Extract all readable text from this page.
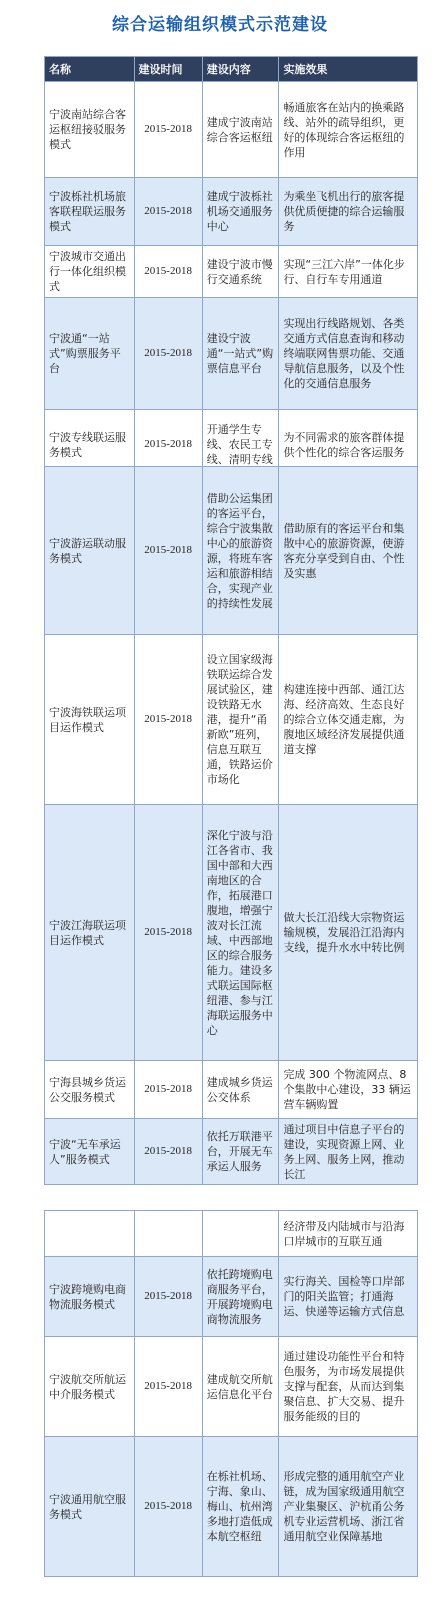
综合运输组织模式示范建设
名称	建设时间	建设内容	实施效果
宁波南站综合客运枢纽接驳服务模式	2015-2018	建成宁波南站综合客运枢纽	畅通旅客在站内的换乘路线、站外的疏导组织，更好的体现综合客运枢纽的作用
宁波栎社机场旅客联程联运服务模式	2015-2018	建成宁波栎社机场交通服务中心	为乘坐飞机出行的旅客提供优质便捷的综合运输服务
宁波城市交通出行一体化组织模式	2015-2018	建设宁波市慢行交通系统	实现“三江六岸”一体化步行、自行车专用通道
宁波通“一站式”购票服务平台	2015-2018	建设宁波通“一站式”购票信息平台	实现出行线路规划、各类交通方式信息查询和移动终端联网售票功能、交通导航信息服务，以及个性化的交通信息服务
宁波专线联运服务模式	2015-2018	开通学生专线、农民工专线、清明专线	为不同需求的旅客群体提供个性化的综合客运服务
宁波游运联动服务模式	2015-2018	借助公运集团的客运平台，综合宁波集散中心的旅游资源，将班车客运和旅游相结合，实现产业的持续性发展	借助原有的客运平台和集散中心的旅游资源，使游客充分享受到自由、个性及实惠
宁波海铁联运项目运作模式	2015-2018	设立国家级海铁联运综合发展试验区，建设铁路无水港，提升“甬新欧”班列，信息互联互通，铁路运价市场化	构建连接中西部、通江达海、经济高效、生态良好的综合立体交通走廊，为腹地区域经济发展提供通道支撑
宁波江海联运项目运作模式	2015-2018	深化宁波与沿江各省市、我国中部和大西南地区的合作，拓展港口腹地，增强宁波对长江流域、中西部地区的综合服务能力。建设多式联运国际枢纽港、参与江海联运服务中心	做大长江沿线大宗物资运输规模，发展沿江沿海内支线，提升水水中转比例
宁海县城乡货运公交服务模式	2015-2018	建成城乡货运公交体系	完成 300 个物流网点、8 个集散中心建设，33 辆运营车辆购置
宁波“无车承运人”服务模式	2015-2018	依托万联港平台，开展无车承运人服务	通过项目中信息子平台的建设，实现资源上网、业务上网、服务上网，推动长江
			经济带及内陆城市与沿海口岸城市的互联互通
宁波跨境购电商物流服务模式	2015-2018	依托跨境购电商服务平台，开展跨境购电商物流服务	实行海关、国检等口岸部门的阳关监管；打通海运、快递等运输方式信息
宁波航交所航运中介服务模式	2015-2018	建成航交所航运信息化平台	通过建设功能性平台和特色服务，为市场发展提供支撑与配套，从而达到集聚信息、扩大交易、提升服务能级的目的
宁波通用航空服务模式	2015-2018	在栎社机场、宁海、象山、梅山、杭州湾多地打造低成本航空枢纽	形成完整的通用航空产业链，成为国家级通用航空产业集聚区、沪杭甬公务机专业运营机场、浙江省通用航空业保障基地
